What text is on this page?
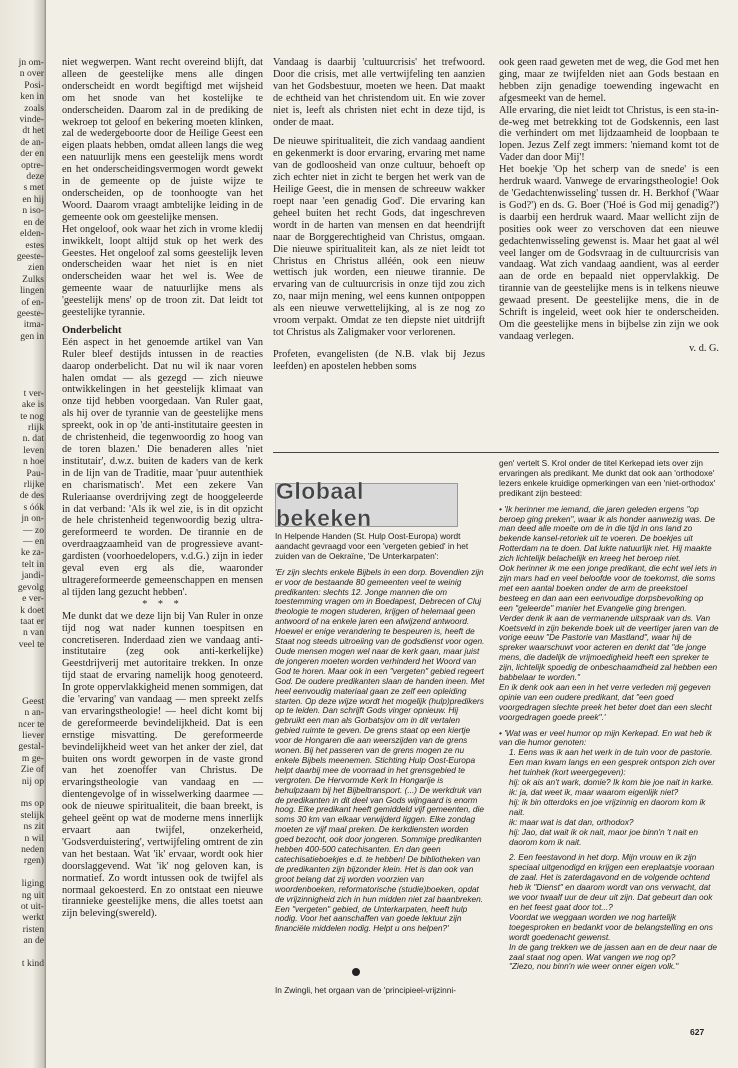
jn om-
n over
Posi-
ken in
zoals
vinde-
dt het
de an-
der en
optre-
deze
s met
en hij
n iso-
en de
elden-
estes
geeste-
zien
Zulks
lingen
of en-
geeste-
itma-
gen in

t ver-
ake is
te nog
rlijk
n. dat
leven
n hoe
Pau-
rlijke
de des
s óók
jn on-
— zo
— en
ke za-
telt in
jandi-
gevolg
e ver-
k doet
taat er
n van
veel te

Geest
n an-
ncer te
liever
gestal-
m ge-
Zie of
nij op

ms op
stelijk
ns zit
n wil
neden
rgen)

liging
ng uit
ot uit-
werkt
risten
an de

t kind

niet wegwerpen. Want recht overeind blijft, dat alleen de geestelijke mens alle dingen onderscheidt en wordt begiftigd met wijsheid om het snode van het kostelijke te onderscheiden. Daarom zal in de prediking de wekroep tot geloof en bekering moeten klinken, zal de wedergeboorte door de Heilige Geest een eigen plaats hebben, omdat alleen langs die weg een natuurlijk mens een geestelijk mens wordt en het onderscheidingsvermogen wordt gewekt in de gemeente op de juiste wijze te onderscheiden, op de toonhoogte van het Woord. Daarom vraagt ambtelijke leiding in de gemeente ook om geestelijke mensen.

Het ongeloof, ook waar het zich in vrome kledij inwikkelt, loopt altijd stuk op het werk des Geestes. Het ongeloof zal soms geestelijk leven onderscheiden waar het niet is en niet onderscheiden waar het wel is. Wee de gemeente waar de natuurlijke mens als 'geestelijk mens' op de troon zit. Dat leidt tot geestelijke tyrannie.

Onderbelicht

Eén aspect in het genoemde artikel van Van Ruler bleef destijds intussen in de reacties daarop onderbelicht. Dat nu wil ik naar voren halen omdat — als gezegd — zich nieuwe ontwikkelingen in het geestelijk klimaat van onze tijd hebben voorgedaan. Van Ruler gaat, als hij over de tyrannie van de geestelijke mens spreekt, ook in op 'de anti-institutaire geesten in de christenheid, die tegenwoordig zo hoog van de toren blazen.' Die benaderen alles 'niet institutair', d.w.z. buiten de kaders van de kerk in de lijn van de Traditie, maar 'puur autenthiek en charismatisch'. Met een zekere Van Ruleriaanse overdrijving zegt de hooggeleerde in dat verband: 'Als ik wel zie, is in dit opzicht de hele christenheid tegenwoordig bezig ultra-gereformeerd te worden. De tirannie en de overdraagzaamheid van de progressieve avant-gardisten (voorhoedelopers, v.d.G.) zijn in ieder geval even erg als die, waaronder ultragereformeerde gemeenschappen en mensen al tijden lang gezucht hebben'.

* * *

Me dunkt dat we deze lijn bij Van Ruler in onze tijd nog wat nader kunnen toespitsen en concretiseren. Inderdaad zien we vandaag anti-institutaire (zeg ook anti-kerkelijke) Geestdrijverij met autoritaire trekken. In onze tijd staat de ervaring namelijk hoog genoteerd. In grote oppervlakkigheid menen sommigen, dat die 'ervaring' van vandaag — men spreekt zelfs van ervaringstheologie! — heel dicht komt bij de gereformeerde bevindelijkheid. Dat is een ernstige misvatting. De gereformeerde bevindelijkheid weet van het anker der ziel, dat buiten ons wordt geworpen in de vaste grond van het zoenoffer van Christus. De ervaringstheologie van vandaag en — dientengevolge of in wisselwerking daarmee — ook de nieuwe spiritualiteit, die baan breekt, is geheel geënt op wat de moderne mens innerlijk ervaart aan twijfel, onzekerheid, 'Godsverduistering', vertwijfeling omtrent de zin van het bestaan. Wat 'ik' ervaar, wordt ook hier doorslaggevend. Wat 'ik' nog geloven kan, is normatief. Zo wordt intussen ook de twijfel als normaal gekoesterd. En zo ontstaat een nieuwe tirannieke geestelijke mens, die alles toetst aan zijn beleving(swereld).

Vandaag is daarbij 'cultuurcrisis' het trefwoord. Door die crisis, met alle vertwijfeling ten aanzien van het Godsbestuur, moeten we heen. Dat maakt de echtheid van het christendom uit. En wie zover niet is, leeft als christen niet echt in deze tijd, is onder de maat.

De nieuwe spiritualiteit, die zich vandaag aandient en gekenmerkt is door ervaring, ervaring met name van de godloosheid van onze cultuur, behoeft op zich echter niet in zicht te bergen het werk van de Heilige Geest, die in mensen de schreeuw wakker roept naar 'een genadig God'. Die ervaring kan geheel buiten het recht Gods, dat ingeschreven wordt in de harten van mensen en dat heendrijft naar de Borggerechtigheid van Christus, omgaan. Die nieuwe spiritualiteit kan, als ze niet leidt tot Christus en Christus alléén, ook een nieuw wettisch juk worden, een nieuwe tirannie. De ervaring van de cultuurcrisis in onze tijd zou zich zo, naar mijn mening, wel eens kunnen ontpoppen als een nieuwe verwettelijking, al is ze nog zo vroom verpakt. Omdat ze ten diepste niet uitdrijft tot Christus als Zaligmaker voor verlorenen.

Profeten, evangelisten (de N.B. vlak bij Jezus leefden) en apostelen hebben soms

ook geen raad geweten met de weg, die God met hen ging, maar ze twijfelden niet aan Gods bestaan en hebben zijn genadige toewending ingewacht en afgesmeekt van de hemel.

Alle ervaring, die niet leidt tot Christus, is een sta-in-de-weg met betrekking tot de Godskennis, een last die verhindert om met lijdzaamheid de loopbaan te lopen. Jezus Zelf zegt immers: 'niemand komt tot de Vader dan door Mij'!

Het boekje 'Op het scherp van de snede' is een herdruk waard. Vanwege de ervaringstheologie! Ook de 'Gedachtenwisseling' tussen dr. H. Berkhof ('Waar is God?') en ds. G. Boer ('Hoé is God mij genadig?') is daarbij een herdruk waard. Maar wellicht zijn de posities ook weer zo verschoven dat een nieuwe gedachtenwisseling gewenst is. Maar het gaat al wél veel langer om de Godsvraag in de cultuurcrisis van vandaag. Wat zich vandaag aandient, was al eerder aan de orde en bepaald niet oppervlakkig. De tirannie van de geestelijke mens is in telkens nieuwe gewaad present. De geestelijke mens, die in de Schrift is ingeleid, weet ook hier te onderscheiden. Om die geestelijke mens in bijbelse zin zijn we ook vandaag verlegen.

v. d. G.

Globaal bekeken

In Helpende Handen (St. Hulp Oost-Europa) wordt aandacht gevraagd voor een 'vergeten gebied' in het zuiden van de Oekraïne, 'De Unterkarpaten':

'Er zijn slechts enkele Bijbels in een dorp. Bovendien zijn er voor de bestaande 80 gemeenten veel te weinig predikanten: slechts 12. Jonge mannen die om toestemming vragen om in Boedapest, Debrecen of Cluj theologie te mogen studeren, krijgen of helemaal geen antwoord of na enkele jaren een afwijzend antwoord. Hoewel er enige verandering te bespeuren is, heeft de Staat nog steeds uitroeiing van de godsdienst voor ogen. Oude mensen mogen wel naar de kerk gaan, maar juist de jongeren moeten worden verhinderd het Woord van God te horen. Maar ook in een "vergeten" gebied regeert God. De oudere predikanten slaan de handen ineen. Met heel eenvoudig materiaal gaan ze zelf een opleiding starten. Op deze wijze wordt het mogelijk (hulp)predikers op te leiden. Dan schrijft Gods vinger opnieuw. Hij gebruikt een man als Gorbatsjov om in dit vertalen gebied ruimte te geven. De grens staat op een kiertje voor de Hongaren die aan weerszijden van de grens wonen. Bij het passeren van de grens mogen ze nu enkele Bijbels meenemen. Stichting Hulp Oost-Europa helpt daarbij mee de voorraad in het grensgebied te vergroten. De Hervormde Kerk In Hongarije is behulpzaam bij het Bijbeltransport. (...) De werkdruk van de predikanten in dit deel van Gods wijngaard is enorm hoog. Elke predikant heeft gemiddeld vijf gemeenten, die soms 30 km van elkaar verwijderd liggen. Elke zondag moeten ze vijf maal preken. De kerkdiensten worden goed bezocht, ook door jongeren. Sommige predikanten hebben 400-500 catechisanten. En dan geen catechisatieboekjes e.d. te hebben! De bibliotheken van de predikanten zijn bijzonder klein. Het is dan ook van groot belang dat zij worden voorzien van woordenboeken, reformatorische (studie)boeken, opdat de vrijzinnigheid zich in hun midden niet zal baanbreken. Een "vergeten" gebied, de Unterkarpaten, heeft hulp nodig. Voor het aanschaffen van goede lektuur zijn financiële middelen nodig. Helpt u ons helpen?'

In Zwingli, het orgaan van de 'principieel-vrijzinni-

gen' vertelt S. Krol onder de titel Kerkepad iets over zijn ervaringen als predikant. Me dunkt dat ook aan 'orthodoxe' lezers enkele kruidige opmerkingen van een 'niet-orthodox' predikant zijn besteed:

• 'Ik herinner me iemand, die jaren geleden ergens "op beroep ging preken", waar ik als honder aanwezig was. De man deed alle moeite om de in die tijd in ons land zo bekende kansel-retoriek uit te voeren. De boekjes uit Rotterdam na te doen. Dat lukte natuurlijk niet. Hij maakte zich lichtelijk belachelijk en kreeg het beroep niet.

Ook herinner ik me een jonge predikant, die echt wel iets in zijn mars had en veel beloofde voor de toekomst, die soms met een aantal boeken onder de arm de preekstoel besteeg en dan aan een eenvoudige dorpsbevolking op een "geleerde" manier het Evangelie ging brengen.

Verder denk ik aan de vermanende uitspraak van ds. Van Koetsveld in zijn bekende boek uit de veertiger jaren van de vorige eeuw "De Pastorie van Mastland", waar hij de spreker waarschuwt voor acteren en denkt dat "de jonge mens, die dadelijk de vrijmoedigheid heeft een spreker te zijn, lichtelijk spoedig de onbeschaamdheid zal hebben een babbelaar te worden."

En ik denk ook aan een in het verre verleden mij gegeven opinie van een oudere predikant, dat "een goed voorgedragen slechte preek het beter doet dan een slecht voorgedragen goede preek".'

• 'Wat was er veel humor op mijn Kerkepad. En wat heb ik van die humor genoten:

1. Eens was ik aan het werk in de tuin voor de pastorie. Een man kwam langs en een gesprek ontspon zich over het tuinhek (kort weergegeven):

hij: ok ais an't wark, domie? Ik kom bie joe nait in karke.

ik: ja, dat weet ik, maar waarom eigenlijk niet?

hij: ik bin otterdoks en joe vrijzinnig en daorom kom ik nait.

ik: maar wat is dat dan, orthodox?

hij: Jao, dat wait ik ok nait, maor joe binn'n 't nait en daorom kom ik nait.

2. Een feestavond in het dorp. Mijn vrouw en ik zijn speciaal uitgenodigd en krijgen een ereplaatsje vooraan de zaal. Het is zaterdagavond en de volgende ochtend heb ik "Dienst" en daarom wordt van ons verwacht, dat we voor twaalf uur de deur uit zijn. Dat gebeurt dan ook en het feest gaat door tot...?

Voordat we weggaan worden we nog hartelijk toegesproken en bedankt voor de belangstelling en ons wordt goedenacht gewenst.

In de gang trekken we de jassen aan en de deur naar de zaal staat nog open. Wat vangen we nog op?

"Ziezo, nou binn'n wie weer onner eigen volk."

627
